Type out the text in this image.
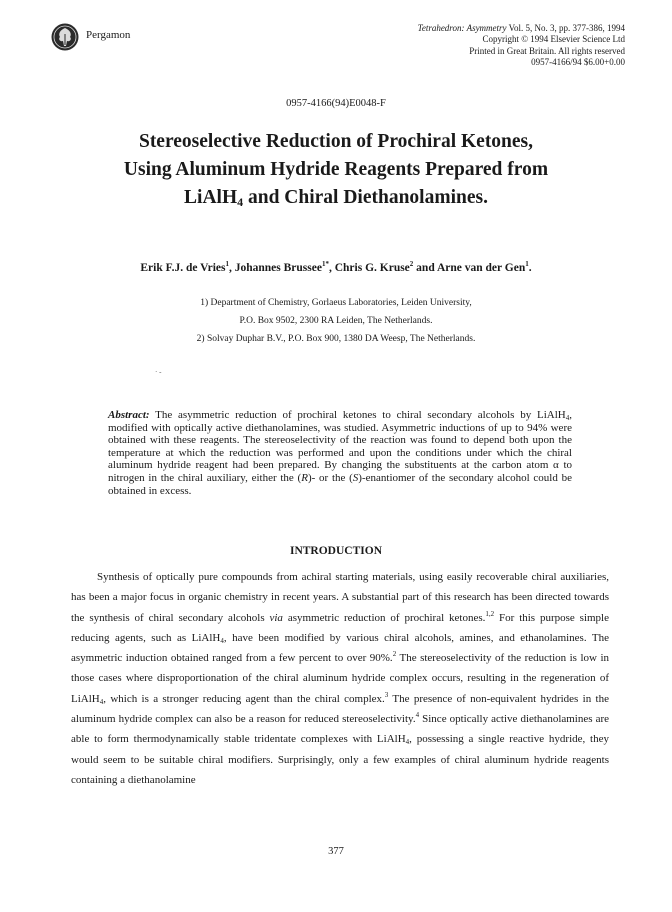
Pergamon
Tetrahedron: Asymmetry Vol. 5, No. 3, pp. 377-386, 1994
Copyright © 1994 Elsevier Science Ltd
Printed in Great Britain. All rights reserved
0957-4166/94 $6.00+0.00
0957-4166(94)E0048-F
Stereoselective Reduction of Prochiral Ketones,
Using Aluminum Hydride Reagents Prepared from
LiAlH$_4$ and Chiral Diethanolamines.
Erik F.J. de Vries$^1$, Johannes Brussee$^{1*}$, Chris G. Kruse$^2$ and Arne van der Gen$^1$.
1) Department of Chemistry, Gorlaeus Laboratories, Leiden University,
P.O. Box 9502, 2300 RA Leiden, The Netherlands.
2) Solvay Duphar B.V., P.O. Box 900, 1380 DA Weesp, The Netherlands.
· -
Abstract: The asymmetric reduction of prochiral ketones to chiral secondary alcohols by LiAlH$_4$, modified with optically active diethanolamines, was studied. Asymmetric inductions of up to 94% were obtained with these reagents. The stereoselectivity of the reaction was found to depend both upon the temperature at which the reduction was performed and upon the conditions under which the chiral aluminum hydride reagent had been prepared. By changing the substituents at the carbon atom α to nitrogen in the chiral auxiliary, either the (R)- or the (S)-enantiomer of the secondary alcohol could be obtained in excess.
INTRODUCTION
Synthesis of optically pure compounds from achiral starting materials, using easily recoverable chiral auxiliaries, has been a major focus in organic chemistry in recent years. A substantial part of this research has been directed towards the synthesis of chiral secondary alcohols via asymmetric reduction of prochiral ketones.$^{1,2}$ For this purpose simple reducing agents, such as LiAlH$_4$, have been modified by various chiral alcohols, amines, and ethanolamines. The asymmetric induction obtained ranged from a few percent to over 90%.$^2$ The stereoselectivity of the reduction is low in those cases where disproportionation of the chiral aluminum hydride complex occurs, resulting in the regeneration of LiAlH$_4$, which is a stronger reducing agent than the chiral complex.$^3$ The presence of non-equivalent hydrides in the aluminum hydride complex can also be a reason for reduced stereoselectivity.$^4$ Since optically active diethanolamines are able to form thermodynamically stable tridentate complexes with LiAlH$_4$, possessing a single reactive hydride, they would seem to be suitable chiral modifiers. Surprisingly, only a few examples of chiral aluminum hydride reagents containing a diethanolamine
377
